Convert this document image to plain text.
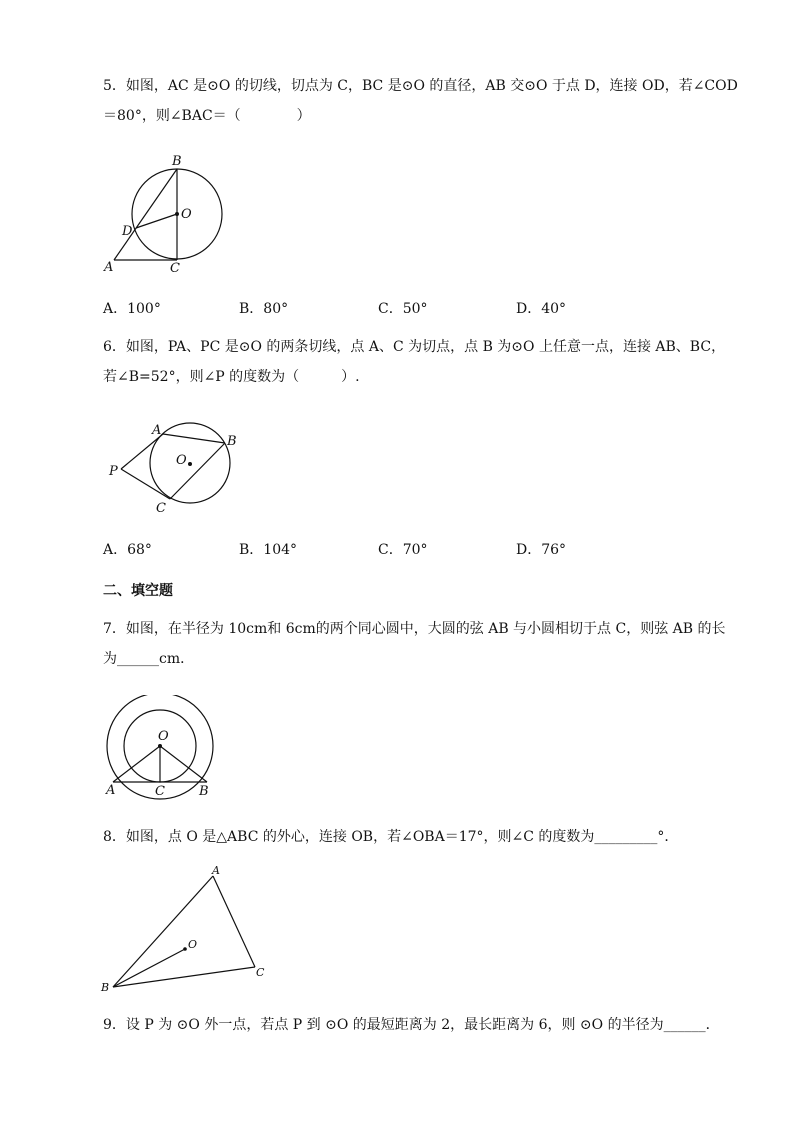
5．如图，AC 是⊙O 的切线，切点为 C，BC 是⊙O 的直径，AB 交⊙O 于点 D，连接 OD，若∠COD
＝80°，则∠BAC＝（　　　　）
B
O
D
A	C
A．100°	B．80°	C．50°	D．40°
6．如图，PA、PC 是⊙O 的两条切线，点 A、C 为切点，点 B 为⊙O 上任意一点，连接 AB、BC，
若∠B=52°，则∠P 的度数为（　　　）.
A
B
P
O
C
A．68°	B．104°	C．70°	D．76°
二、填空题
7．如图，在半径为 10cm和 6cm的两个同心圆中，大圆的弦 AB 与小圆相切于点 C，则弦 AB 的长
为______cm．
O
A	C	B
8．如图，点 O 是△ABC 的外心，连接 OB，若∠OBA＝17°，则∠C 的度数为_________°．
A
O
B
C
9．设 P 为 ⊙O 外一点，若点 P 到 ⊙O 的最短距离为 2，最长距离为 6，则 ⊙O 的半径为______．
